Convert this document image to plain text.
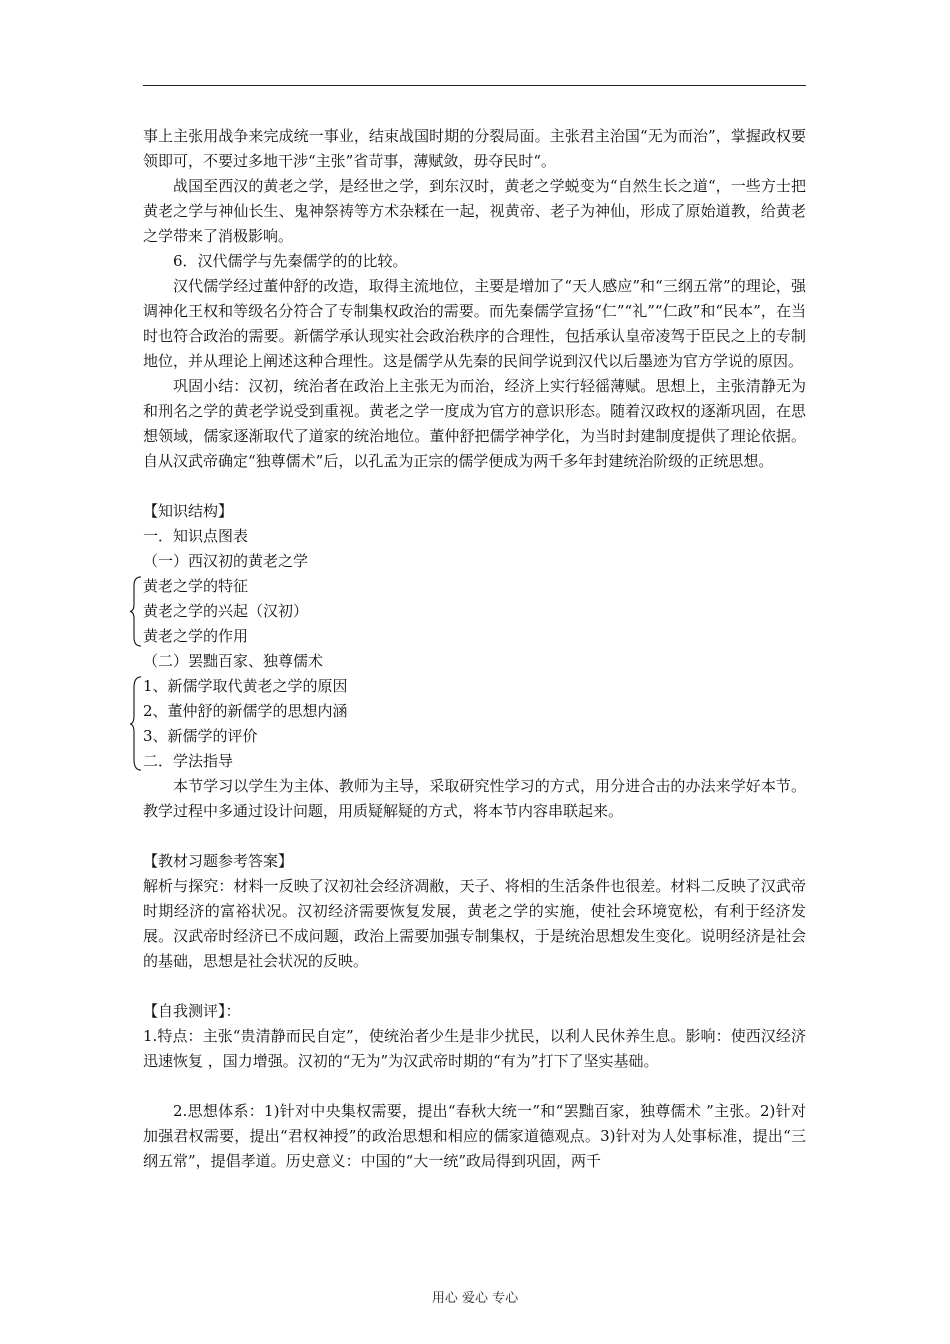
事上主张用战争来完成统一事业，结束战国时期的分裂局面。主张君主治国“无为而治”，掌握政权要领即可，不要过多地干涉“主张”省苛事，薄赋敛，毋夺民时“。

战国至西汉的黄老之学，是经世之学，到东汉时，黄老之学蜕变为“自然生长之道“，一些方士把黄老之学与神仙长生、鬼神祭祷等方术杂糅在一起，视黄帝、老子为神仙，形成了原始道教，给黄老之学带来了消极影响。

6．汉代儒学与先秦儒学的的比较。

汉代儒学经过董仲舒的改造，取得主流地位，主要是增加了“天人感应”和“三纲五常”的理论，强调神化王权和等级名分符合了专制集权政治的需要。而先秦儒学宣扬“仁”“礼”“仁政”和“民本”，在当时也符合政治的需要。新儒学承认现实社会政治秩序的合理性，包括承认皇帝凌驾于臣民之上的专制地位，并从理论上阐述这种合理性。这是儒学从先秦的民间学说到汉代以后墨迹为官方学说的原因。

巩固小结：汉初，统治者在政治上主张无为而治，经济上实行轻徭薄赋。思想上，主张清静无为和刑名之学的黄老学说受到重视。黄老之学一度成为官方的意识形态。随着汉政权的逐渐巩固，在思想领域，儒家逐渐取代了道家的统治地位。董仲舒把儒学神学化，为当时封建制度提供了理论依据。自从汉武帝确定“独尊儒术”后，以孔孟为正宗的儒学便成为两千多年封建统治阶级的正统思想。

【知识结构】

一．知识点图表

（一）西汉初的黄老之学

黄老之学的特征

黄老之学的兴起（汉初）

黄老之学的作用

（二）罢黜百家、独尊儒术

1、新儒学取代黄老之学的原因

2、董仲舒的新儒学的思想内涵

3、新儒学的评价

二．学法指导

本节学习以学生为主体、教师为主导，采取研究性学习的方式，用分进合击的办法来学好本节。教学过程中多通过设计问题，用质疑解疑的方式，将本节内容串联起来。

【教材习题参考答案】

解析与探究：材料一反映了汉初社会经济凋敝，天子、将相的生活条件也很差。材料二反映了汉武帝时期经济的富裕状况。汉初经济需要恢复发展，黄老之学的实施，使社会环境宽松，有利于经济发展。汉武帝时经济已不成问题，政治上需要加强专制集权，于是统治思想发生变化。说明经济是社会的基础，思想是社会状况的反映。

【自我测评】：

1.特点：主张“贵清静而民自定”，使统治者少生是非少扰民，以利人民休养生息。影响：使西汉经济迅速恢复 ，国力增强。汉初的“无为”为汉武帝时期的“有为”打下了坚实基础。

2.思想体系：1)针对中央集权需要，提出“春秋大统一”和“罢黜百家，独尊儒术 ”主张。2)针对加强君权需要，提出“君权神授”的政治思想和相应的儒家道德观点。3)针对为人处事标准，提出“三纲五常”，提倡孝道。历史意义：中国的“大一统”政局得到巩固，两千

用心 爱心 专心
